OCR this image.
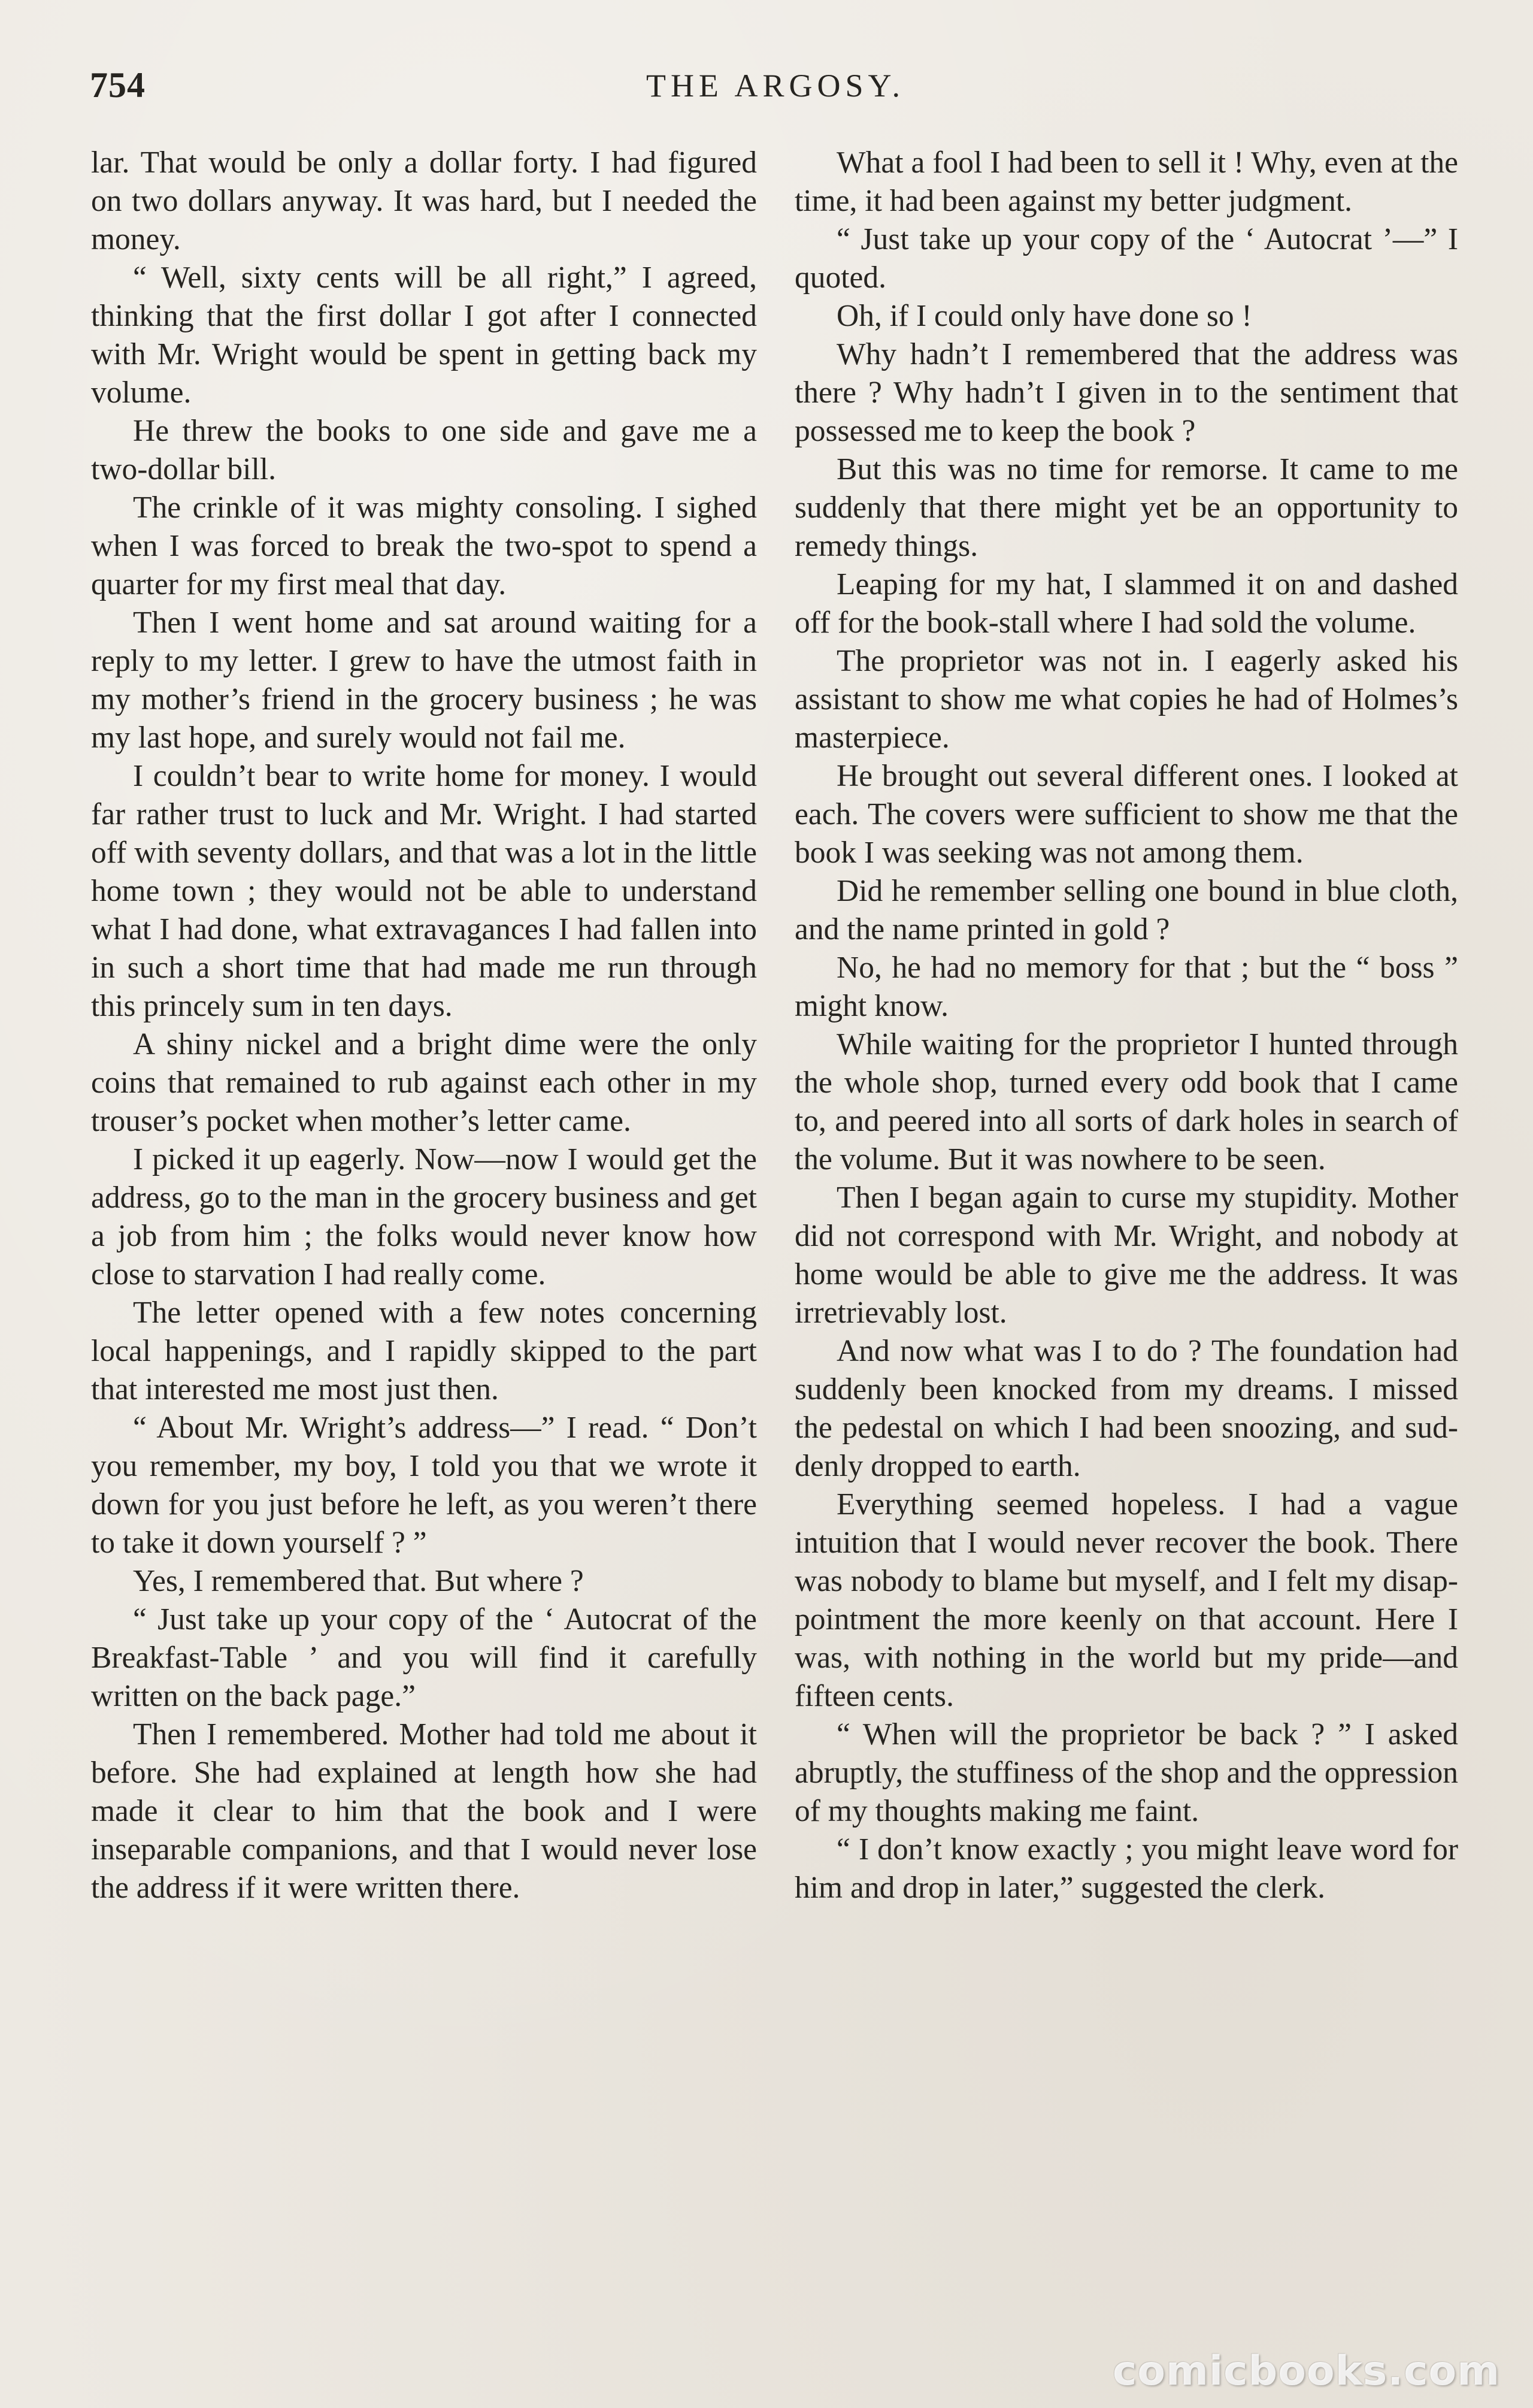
754	THE ARGOSY.

lar. That would be only a dollar forty. I had figured on two dollars anyway. It was hard, but I needed the money.

“ Well, sixty cents will be all right,” I agreed, thinking that the first dollar I got after I connected with Mr. Wright would be spent in getting back my volume.

He threw the books to one side and gave me a two-dollar bill.

The crinkle of it was mighty consoling. I sighed when I was forced to break the two-spot to spend a quarter for my first meal that day.

Then I went home and sat around waiting for a reply to my letter. I grew to have the utmost faith in my mother’s friend in the grocery business ; he was my last hope, and surely would not fail me.

I couldn’t bear to write home for money. I would far rather trust to luck and Mr. Wright. I had started off with seventy dollars, and that was a lot in the little home town ; they would not be able to understand what I had done, what extravagances I had fallen into in such a short time that had made me run through this princely sum in ten days.

A shiny nickel and a bright dime were the only coins that remained to rub against each other in my trouser’s pocket when mother’s letter came.

I picked it up eagerly. Now—now I would get the address, go to the man in the grocery business and get a job from him ; the folks would never know how close to starvation I had really come.

The letter opened with a few notes concerning local happenings, and I rapidly skipped to the part that interested me most just then.

“ About Mr. Wright’s address—” I read. “ Don’t you remember, my boy, I told you that we wrote it down for you just before he left, as you weren’t there to take it down yourself ? ”

Yes, I remembered that. But where ?

“ Just take up your copy of the ‘ Autocrat of the Breakfast-Table ’ and you will find it carefully written on the back page.”

Then I remembered. Mother had told me about it before. She had explained at length how she had made it clear to him that the book and I were inseparable companions, and that I would never lose the address if it were written there.

What a fool I had been to sell it ! Why, even at the time, it had been against my better judgment.

“ Just take up your copy of the ‘ Autocrat ’—” I quoted.

Oh, if I could only have done so !

Why hadn’t I remembered that the address was there ? Why hadn’t I given in to the sentiment that possessed me to keep the book ?

But this was no time for remorse. It came to me suddenly that there might yet be an opportunity to remedy things.

Leaping for my hat, I slammed it on and dashed off for the book-stall where I had sold the volume.

The proprietor was not in. I eagerly asked his assistant to show me what copies he had of Holmes’s masterpiece.

He brought out several different ones. I looked at each. The covers were sufficient to show me that the book I was seeking was not among them.

Did he remember selling one bound in blue cloth, and the name printed in gold ?

No, he had no memory for that ; but the “ boss ” might know.

While waiting for the proprietor I hunted through the whole shop, turned every odd book that I came to, and peered into all sorts of dark holes in search of the volume. But it was nowhere to be seen.

Then I began again to curse my stupidity. Mother did not correspond with Mr. Wright, and nobody at home would be able to give me the address. It was irretrievably lost.

And now what was I to do ? The foundation had suddenly been knocked from my dreams. I missed the pedestal on which I had been snoozing, and suddenly dropped to earth.

Everything seemed hopeless. I had a vague intuition that I would never recover the book. There was nobody to blame but myself, and I felt my disappointment the more keenly on that account. Here I was, with nothing in the world but my pride—and fifteen cents.

“ When will the proprietor be back ? ” I asked abruptly, the stuffiness of the shop and the oppression of my thoughts making me faint.

“ I don’t know exactly ; you might leave word for him and drop in later,” suggested the clerk.

comicbooks.com
